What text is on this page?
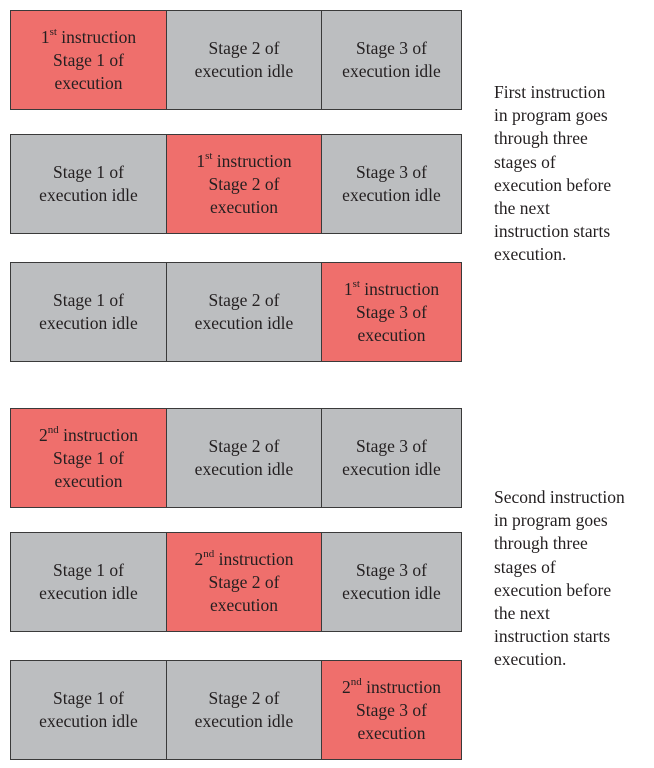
1st instruction
Stage 1 of
execution
Stage 2 of
execution idle
Stage 3 of
execution idle
Stage 1 of
execution idle
1st instruction
Stage 2 of
execution
Stage 3 of
execution idle
Stage 1 of
execution idle
Stage 2 of
execution idle
1st instruction
Stage 3 of
execution
First instruction
in program goes
through three
stages of
execution before
the next
instruction starts
execution.
2nd instruction
Stage 1 of
execution
Stage 2 of
execution idle
Stage 3 of
execution idle
Stage 1 of
execution idle
2nd instruction
Stage 2 of
execution
Stage 3 of
execution idle
Stage 1 of
execution idle
Stage 2 of
execution idle
2nd instruction
Stage 3 of
execution
Second instruction
in program goes
through three
stages of
execution before
the next
instruction starts
execution.
